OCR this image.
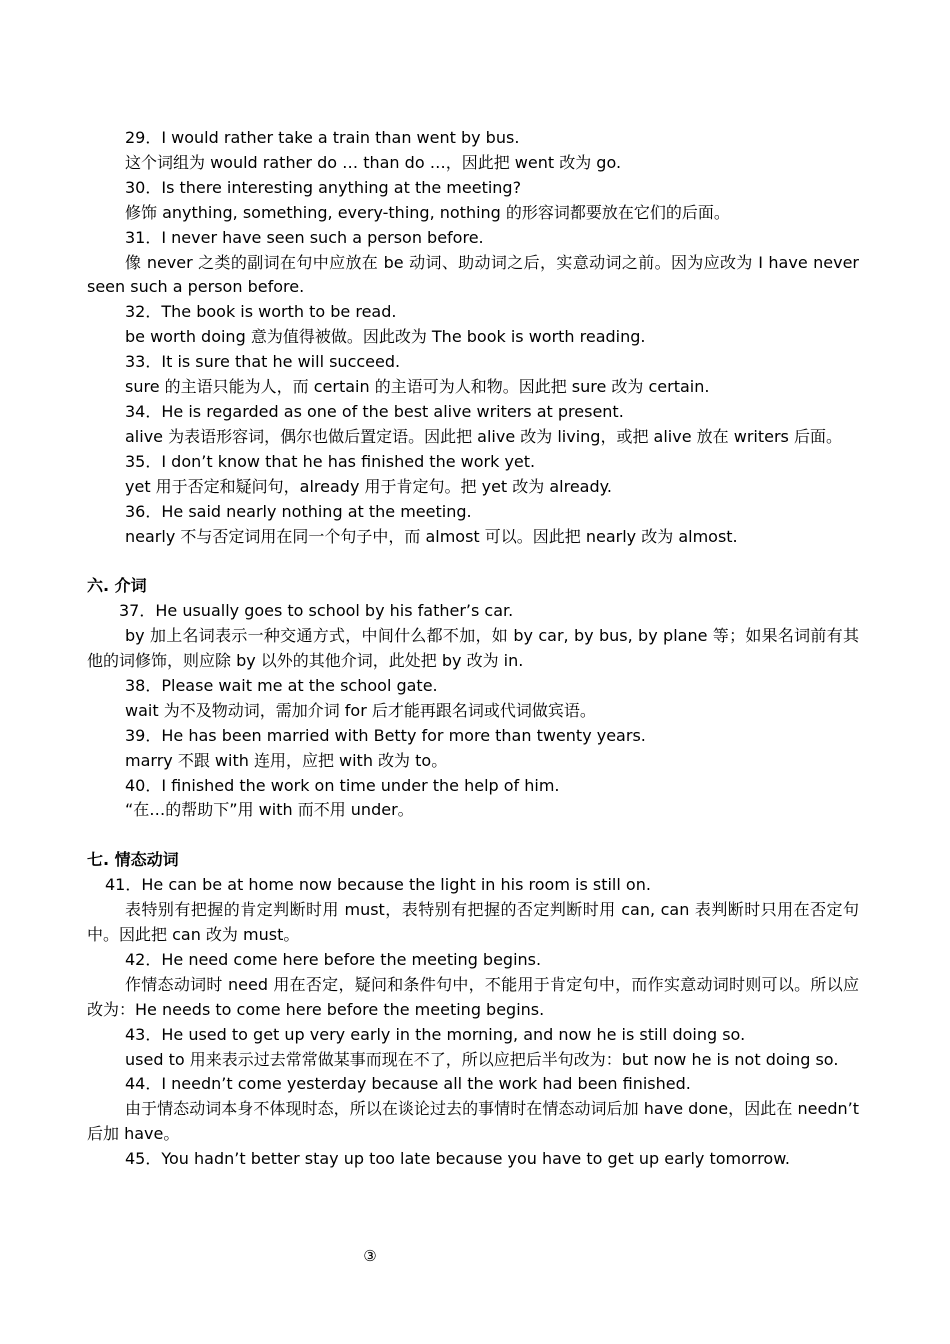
29．I would rather take a train than went by bus.
这个词组为 would rather do … than do …，因此把 went 改为 go.
30．Is there interesting anything at the meeting?
修饰 anything, something, every-thing, nothing 的形容词都要放在它们的后面。
31．I never have seen such a person before.
像 never 之类的副词在句中应放在 be 动词、助动词之后，实意动词之前。因为应改为 I have never seen such a person before.
32．The book is worth to be read.
be worth doing 意为值得被做。因此改为 The book is worth reading.
33．It is sure that he will succeed.
sure 的主语只能为人，而 certain 的主语可为人和物。因此把 sure 改为 certain.
34．He is regarded as one of the best alive writers at present.
alive 为表语形容词，偶尔也做后置定语。因此把 alive 改为 living，或把 alive 放在 writers 后面。
35．I don’t know that he has finished the work yet.
yet 用于否定和疑问句，already 用于肯定句。把 yet 改为 already.
36．He said nearly nothing at the meeting.
nearly 不与否定词用在同一个句子中，而 almost 可以。因此把 nearly 改为 almost.
六. 介词
37．He usually goes to school by his father’s car.
by 加上名词表示一种交通方式，中间什么都不加，如 by car, by bus, by plane 等；如果名词前有其他的词修饰，则应除 by 以外的其他介词，此处把 by 改为 in.
38．Please wait me at the school gate.
wait 为不及物动词，需加介词 for 后才能再跟名词或代词做宾语。
39．He has been married with Betty for more than twenty years.
marry 不跟 with 连用，应把 with 改为 to。
40．I finished the work on time under the help of him.
“在…的帮助下”用 with 而不用 under。
七. 情态动词
41．He can be at home now because the light in his room is still on.
表特别有把握的肯定判断时用 must，表特别有把握的否定判断时用 can, can 表判断时只用在否定句中。因此把 can 改为 must。
42．He need come here before the meeting begins.
作情态动词时 need 用在否定，疑问和条件句中，不能用于肯定句中，而作实意动词时则可以。所以应改为：He needs to come here before the meeting begins.
43．He used to get up very early in the morning, and now he is still doing so.
used to 用来表示过去常常做某事而现在不了，所以应把后半句改为：but now he is not doing so.
44．I needn’t come yesterday because all the work had been finished.
由于情态动词本身不体现时态，所以在谈论过去的事情时在情态动词后加 have done，因此在 needn’t 后加 have。
45．You hadn’t better stay up too late because you have to get up early tomorrow.
③
